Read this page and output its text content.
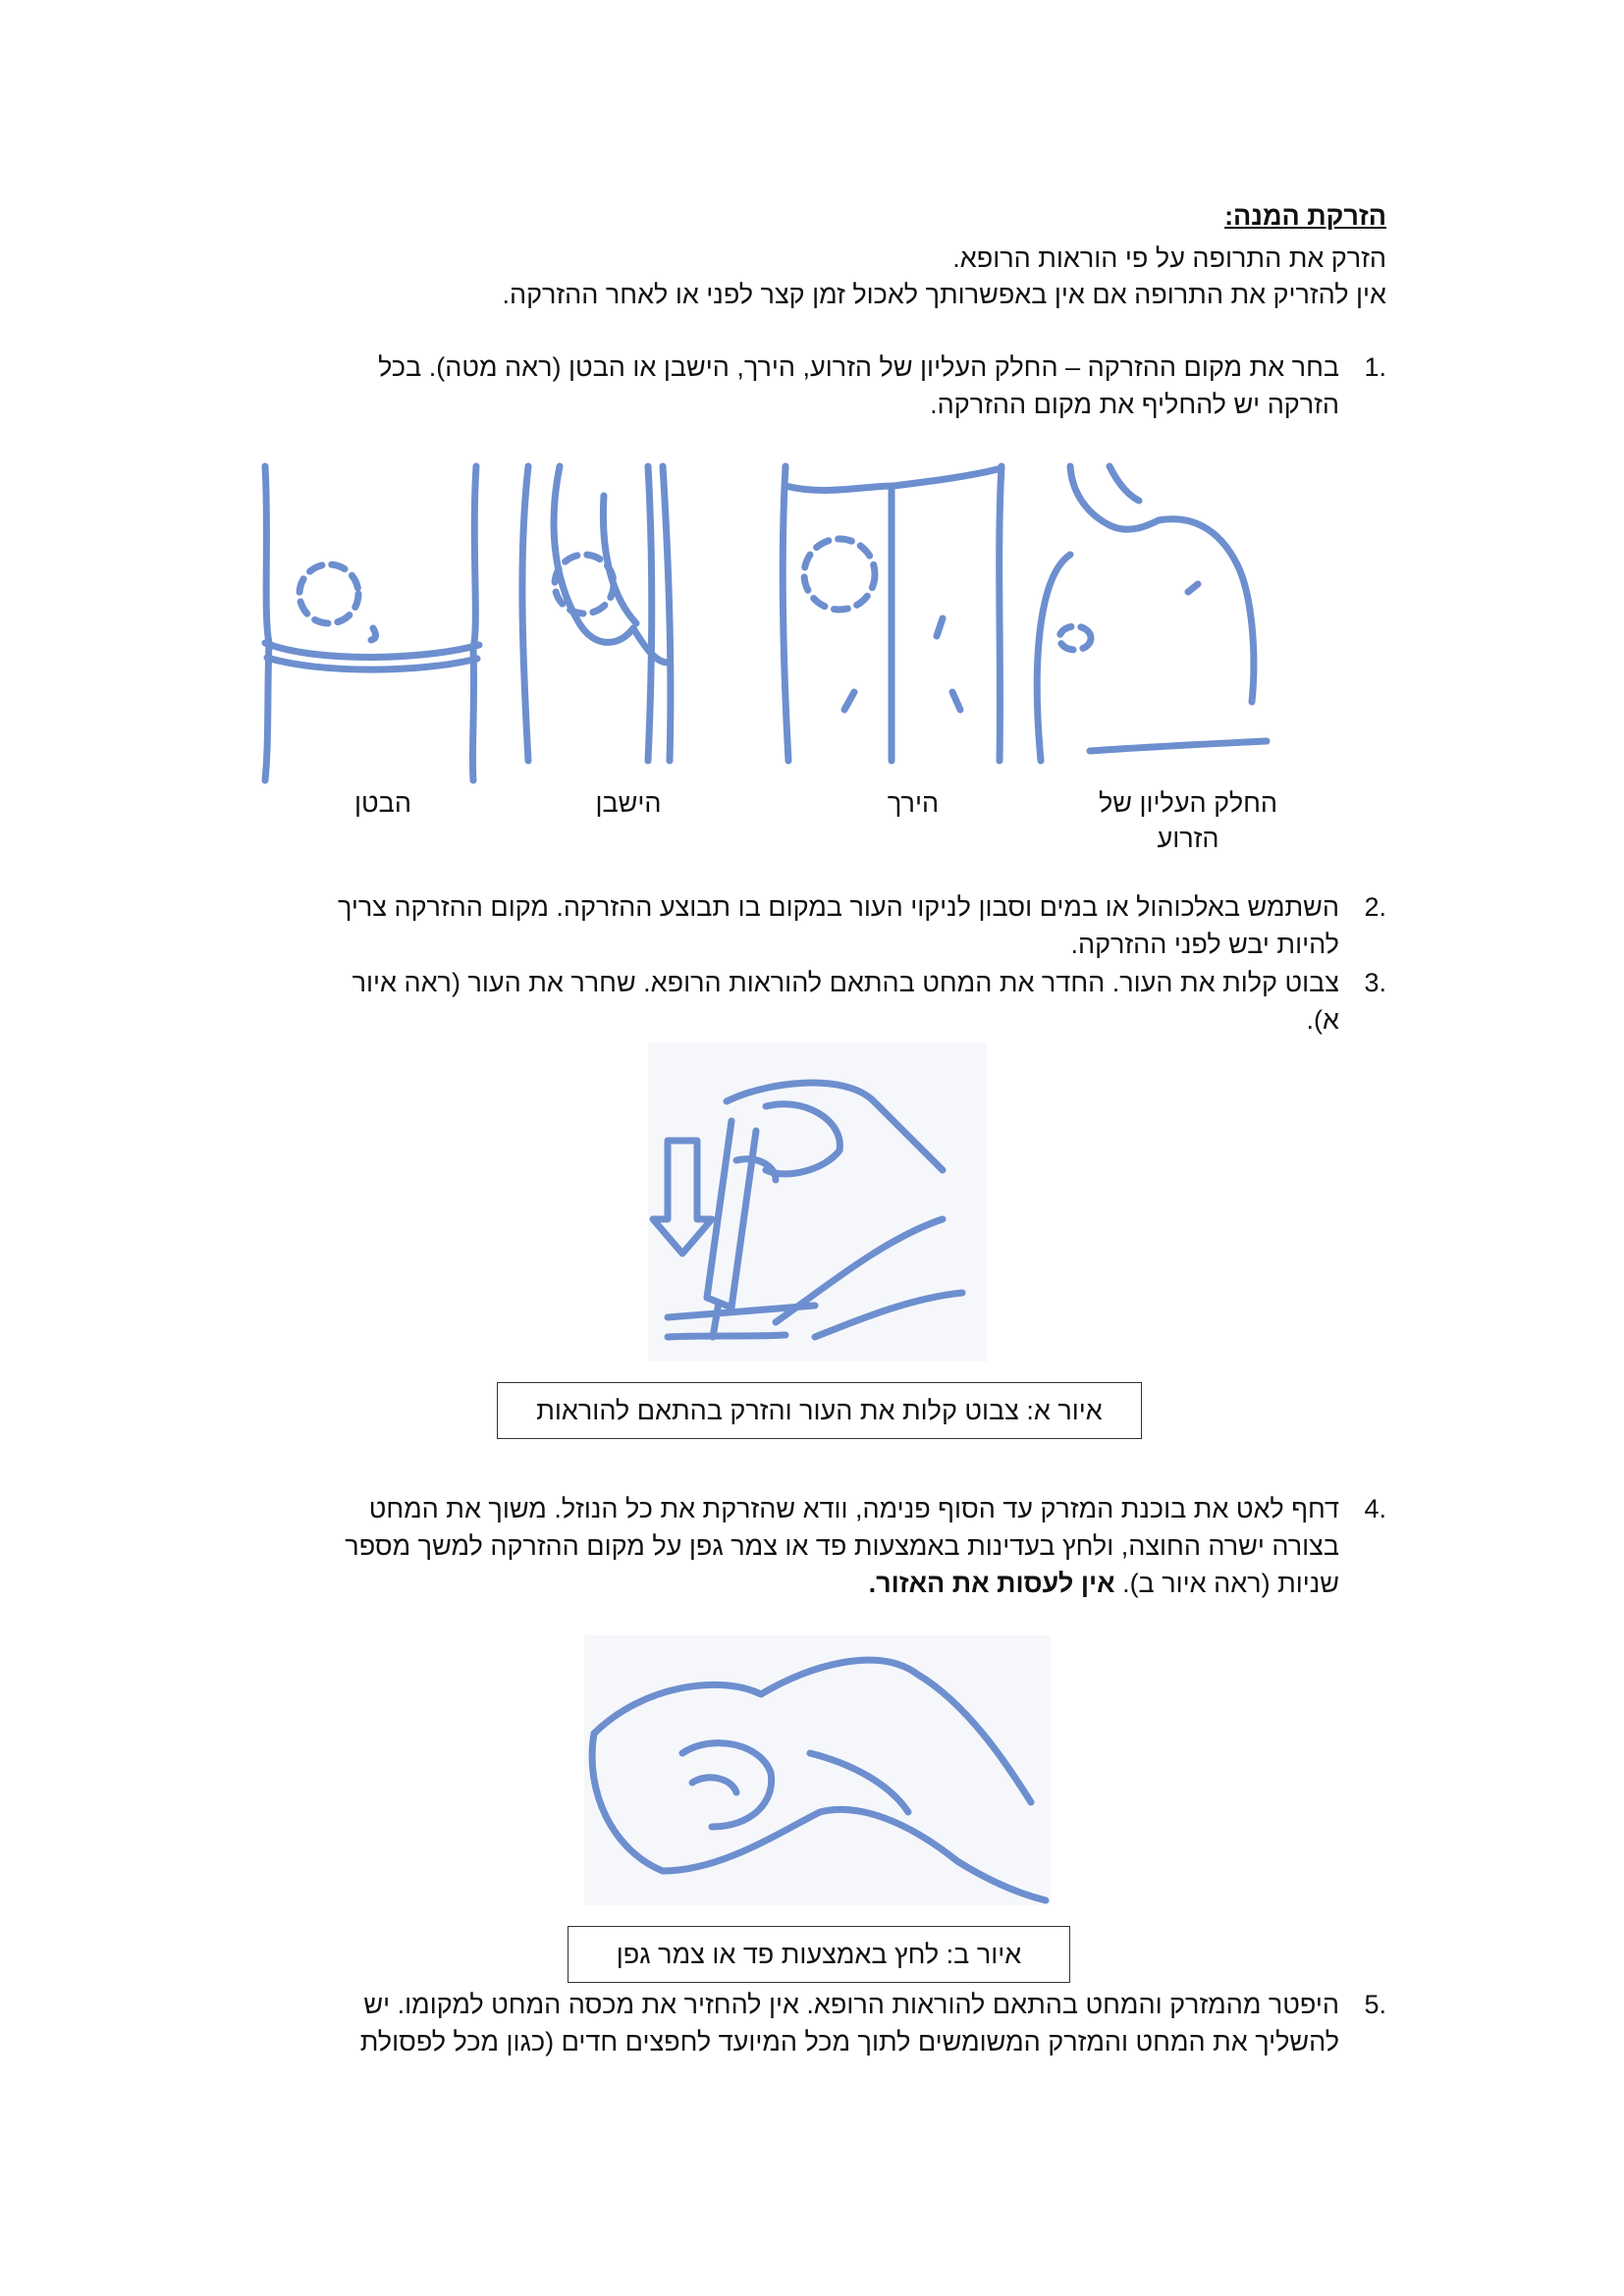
הזרקת המנה:
הזרק את התרופה על פי הוראות הרופא.
אין להזריק את התרופה אם אין באפשרותך לאכול זמן קצר לפני או לאחר ההזרקה.
1.
בחר את מקום ההזרקה – החלק העליון של הזרוע, הירך, הישבן או הבטן (ראה מטה). בכל
הזרקה יש להחליף את מקום ההזרקה.
הבטן	הישבן	הירך	החלק העליון של
הזרוע
2.
השתמש באלכוהול או במים וסבון לניקוי העור במקום בו תבוצע ההזרקה. מקום ההזרקה צריך
להיות יבש לפני ההזרקה.
3.
צבוט קלות את העור. החדר את המחט בהתאם להוראות הרופא. שחרר את העור (ראה איור
א).
איור א: צבוט קלות את העור והזרק בהתאם להוראות
4.
דחף לאט את בוכנת המזרק עד הסוף פנימה, וודא שהזרקת את כל הנוזל. משוך את המחט
בצורה ישרה החוצה, ולחץ בעדינות באמצעות פד או צמר גפן על מקום ההזרקה למשך מספר
שניות (ראה איור ב). אין לעסות את האזור.
איור ב: לחץ באמצעות פד או צמר גפן
5.
היפטר מהמזרק והמחט בהתאם להוראות הרופא. אין להחזיר את מכסה המחט למקומו. יש
להשליך את המחט והמזרק המשומשים לתוך מכל המיועד לחפצים חדים (כגון מכל לפסולת
